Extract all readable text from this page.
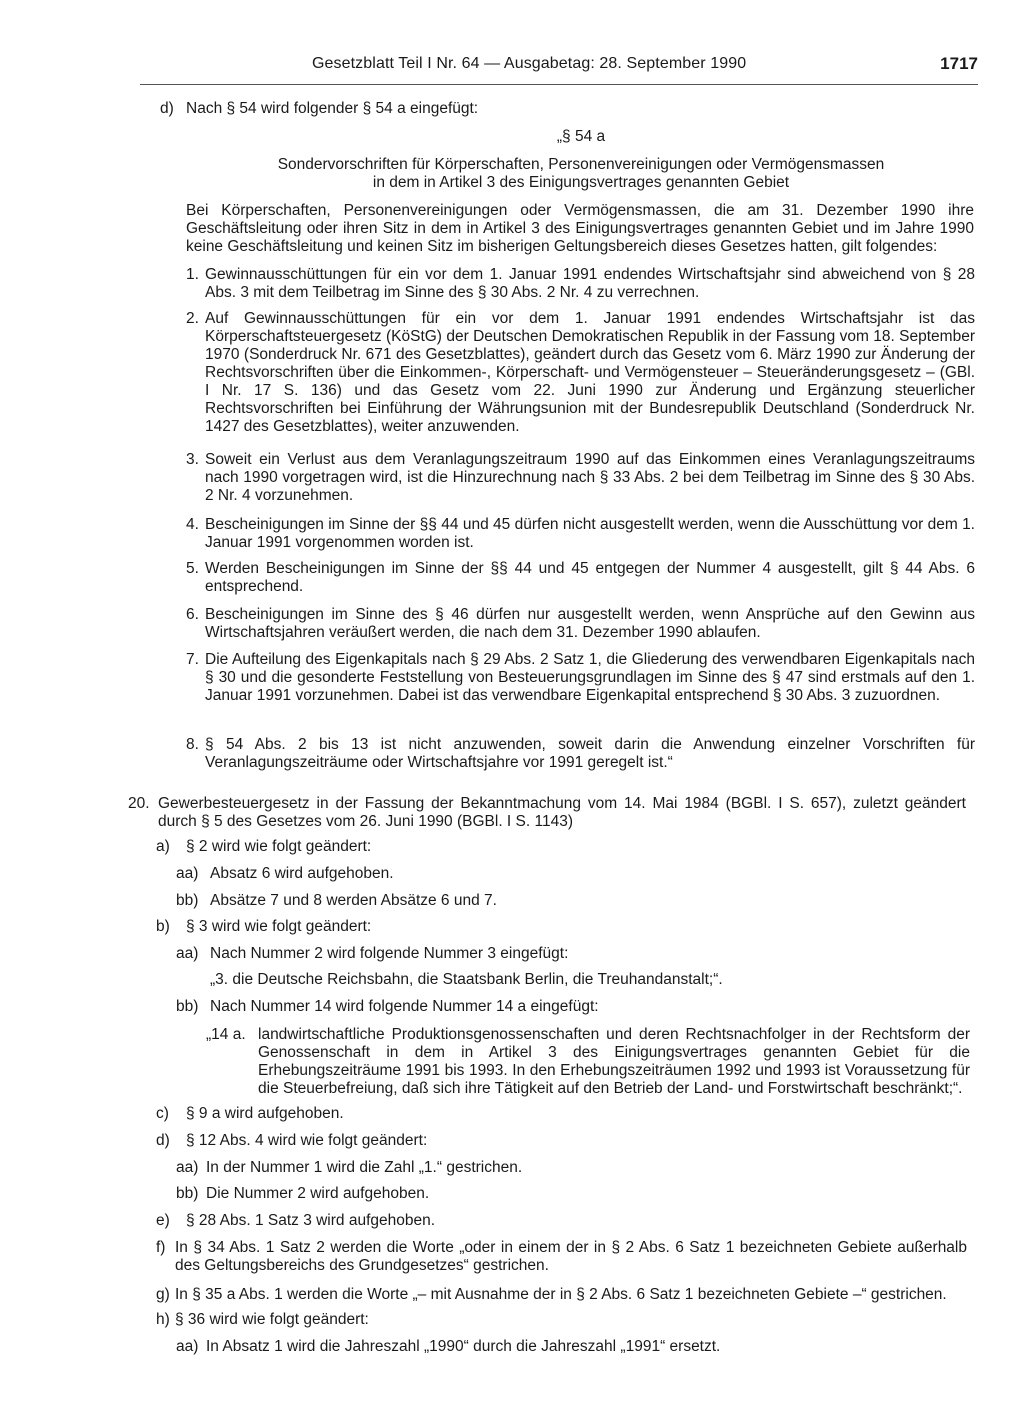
Gesetzblatt Teil I Nr. 64 — Ausgabetag: 28. September 1990	1717
d) Nach § 54 wird folgender § 54 a eingefügt:
„§ 54 a
Sondervorschriften für Körperschaften, Personenvereinigungen oder Vermögensmassen
in dem in Artikel 3 des Einigungsvertrages genannten Gebiet
Bei Körperschaften, Personenvereinigungen oder Vermögensmassen, die am 31. Dezember 1990 ihre Geschäftsleitung oder ihren Sitz in dem in Artikel 3 des Einigungsvertrages genannten Gebiet und im Jahre 1990 keine Geschäftsleitung und keinen Sitz im bisherigen Geltungsbereich dieses Gesetzes hatten, gilt folgendes:
1. Gewinnausschüttungen für ein vor dem 1. Januar 1991 endendes Wirtschaftsjahr sind abweichend von § 28 Abs. 3 mit dem Teilbetrag im Sinne des § 30 Abs. 2 Nr. 4 zu verrechnen.
2. Auf Gewinnausschüttungen für ein vor dem 1. Januar 1991 endendes Wirtschaftsjahr ist das Körperschaftsteuergesetz (KöStG) der Deutschen Demokratischen Republik in der Fassung vom 18. September 1970 (Sonderdruck Nr. 671 des Gesetzblattes), geändert durch das Gesetz vom 6. März 1990 zur Änderung der Rechtsvorschriften über die Einkommen-, Körperschaft- und Vermögensteuer – Steueränderungsgesetz – (GBl. I Nr. 17 S. 136) und das Gesetz vom 22. Juni 1990 zur Änderung und Ergänzung steuerlicher Rechtsvorschriften bei Einführung der Währungsunion mit der Bundesrepublik Deutschland (Sonderdruck Nr. 1427 des Gesetzblattes), weiter anzuwenden.
3. Soweit ein Verlust aus dem Veranlagungszeitraum 1990 auf das Einkommen eines Veranlagungszeitraums nach 1990 vorgetragen wird, ist die Hinzurechnung nach § 33 Abs. 2 bei dem Teilbetrag im Sinne des § 30 Abs. 2 Nr. 4 vorzunehmen.
4. Bescheinigungen im Sinne der §§ 44 und 45 dürfen nicht ausgestellt werden, wenn die Ausschüttung vor dem 1. Januar 1991 vorgenommen worden ist.
5. Werden Bescheinigungen im Sinne der §§ 44 und 45 entgegen der Nummer 4 ausgestellt, gilt § 44 Abs. 6 entsprechend.
6. Bescheinigungen im Sinne des § 46 dürfen nur ausgestellt werden, wenn Ansprüche auf den Gewinn aus Wirtschaftsjahren veräußert werden, die nach dem 31. Dezember 1990 ablaufen.
7. Die Aufteilung des Eigenkapitals nach § 29 Abs. 2 Satz 1, die Gliederung des verwendbaren Eigenkapitals nach § 30 und die gesonderte Feststellung von Besteuerungsgrundlagen im Sinne des § 47 sind erstmals auf den 1. Januar 1991 vorzunehmen. Dabei ist das verwendbare Eigenkapital entsprechend § 30 Abs. 3 zuzuordnen.
8. § 54 Abs. 2 bis 13 ist nicht anzuwenden, soweit darin die Anwendung einzelner Vorschriften für Veranlagungszeiträume oder Wirtschaftsjahre vor 1991 geregelt ist.“
20. Gewerbesteuergesetz in der Fassung der Bekanntmachung vom 14. Mai 1984 (BGBl. I S. 657), zuletzt geändert durch § 5 des Gesetzes vom 26. Juni 1990 (BGBl. I S. 1143)
a) § 2 wird wie folgt geändert:
aa) Absatz 6 wird aufgehoben.
bb) Absätze 7 und 8 werden Absätze 6 und 7.
b) § 3 wird wie folgt geändert:
aa) Nach Nummer 2 wird folgende Nummer 3 eingefügt:
„3. die Deutsche Reichsbahn, die Staatsbank Berlin, die Treuhandanstalt;“.
bb) Nach Nummer 14 wird folgende Nummer 14 a eingefügt:
„14 a. landwirtschaftliche Produktionsgenossenschaften und deren Rechtsnachfolger in der Rechtsform der Genossenschaft in dem in Artikel 3 des Einigungsvertrages genannten Gebiet für die Erhebungszeiträume 1991 bis 1993. In den Erhebungszeiträumen 1992 und 1993 ist Voraussetzung für die Steuerbefreiung, daß sich ihre Tätigkeit auf den Betrieb der Land- und Forstwirtschaft beschränkt;“.
c) § 9 a wird aufgehoben.
d) § 12 Abs. 4 wird wie folgt geändert:
aa) In der Nummer 1 wird die Zahl „1.“ gestrichen.
bb) Die Nummer 2 wird aufgehoben.
e) § 28 Abs. 1 Satz 3 wird aufgehoben.
f) In § 34 Abs. 1 Satz 2 werden die Worte „oder in einem der in § 2 Abs. 6 Satz 1 bezeichneten Gebiete außerhalb des Geltungsbereichs des Grundgesetzes“ gestrichen.
g) In § 35 a Abs. 1 werden die Worte „– mit Ausnahme der in § 2 Abs. 6 Satz 1 bezeichneten Gebiete –“ gestrichen.
h) § 36 wird wie folgt geändert:
aa) In Absatz 1 wird die Jahreszahl „1990“ durch die Jahreszahl „1991“ ersetzt.
